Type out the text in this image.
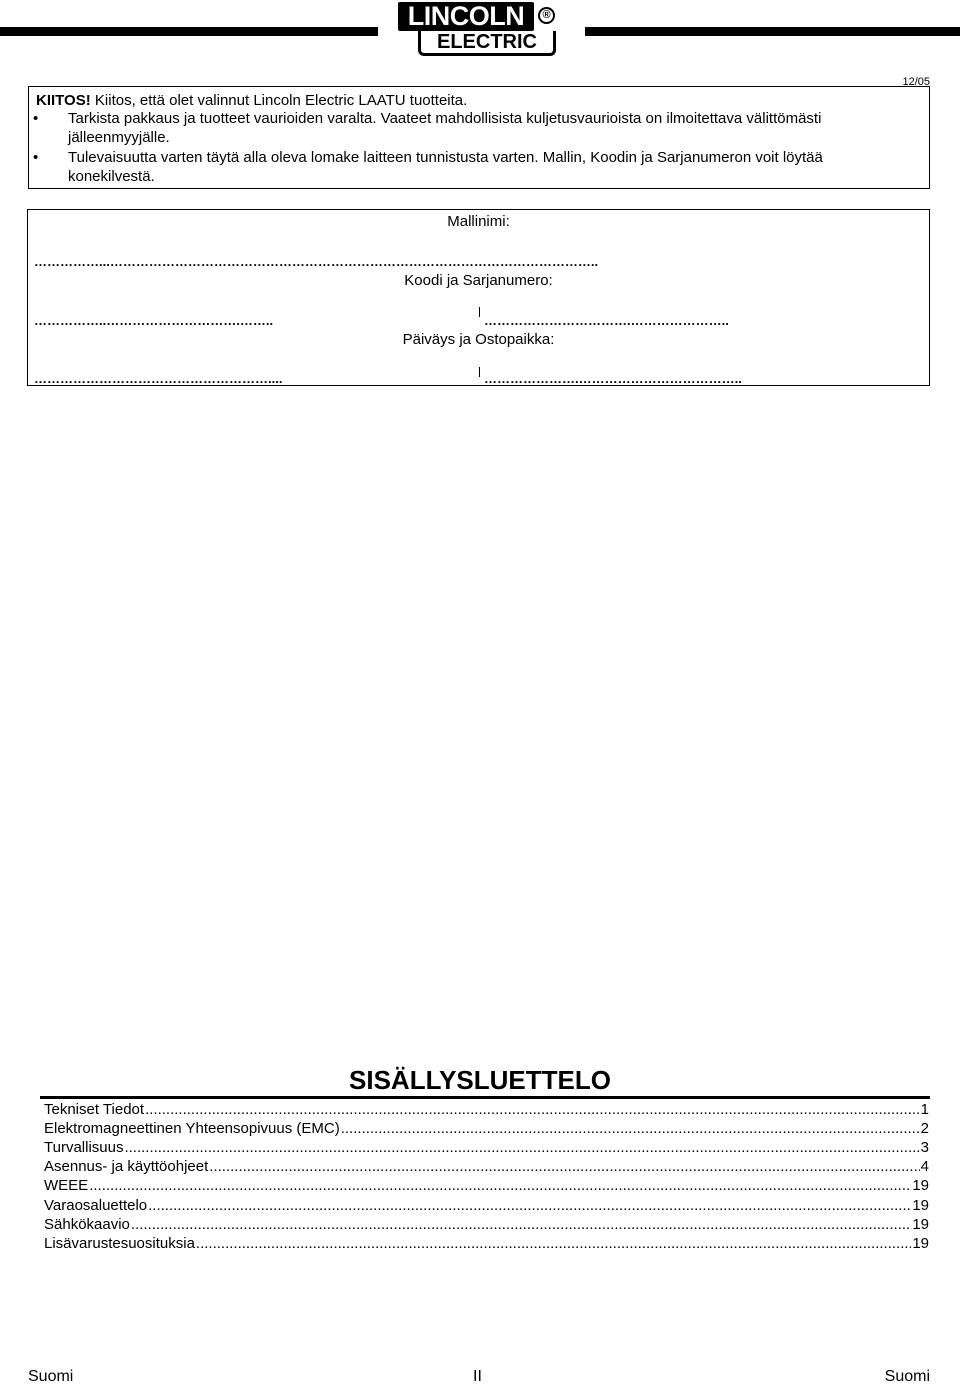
LINCOLN	®
ELECTRIC
12/05
KIITOS! Kiitos, että olet valinnut Lincoln Electric LAATU tuotteita.
• Tarkista pakkaus ja tuotteet vaurioiden varalta. Vaateet mahdollisista kuljetusvaurioista on ilmoitettava välittömästi
jälleenmyyjälle.
• Tulevaisuutta varten täytä alla oleva lomake laitteen tunnistusta varten. Mallin, Koodin ja Sarjanumeron voit löytää
konekilvestä.
Mallinimi:
……………...…………………………………………………………………………………………………..
Koodi ja Sarjanumero:
……………..………………………….……..	…………………………….…………………..
Päiväys ja Ostopaikka:
………………………………………………....	………………….………………………………..
SISÄLLYSLUETTELO
Tekniset Tiedot .....	1
Elektromagneettinen Yhteensopivuus (EMC) .....	2
Turvallisuus .....	3
Asennus- ja käyttöohjeet .....	4
WEEE .....	19
Varaosaluettelo .....	19
Sähkökaavio .....	19
Lisävarustesuosituksia .....	19
Suomi	II	Suomi
